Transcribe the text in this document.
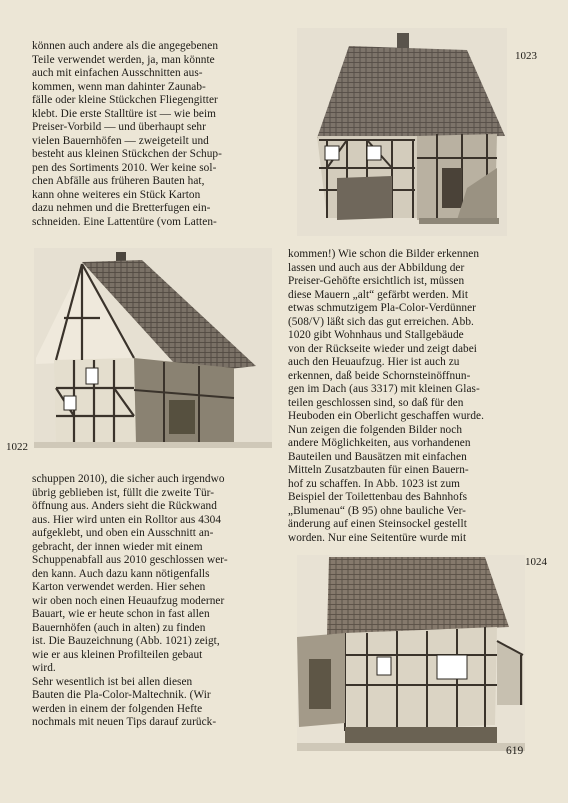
können auch andere als die angegebenen
Teile verwendet werden, ja, man könnte
auch mit einfachen Ausschnitten aus-
kommen, wenn man dahinter Zaunab-
fälle oder kleine Stückchen Fliegengitter
klebt. Die erste Stalltüre ist — wie beim
Preiser-Vorbild — und überhaupt sehr
vielen Bauernhöfen — zweigeteilt und
besteht aus kleinen Stückchen der Schup-
pen des Sortiments 2010. Wer keine sol-
chen Abfälle aus früheren Bauten hat,
kann ohne weiteres ein Stück Karton
dazu nehmen und die Bretterfugen ein-
schneiden. Eine Lattentüre (vom Latten-

kommen!) Wie schon die Bilder erkennen
lassen und auch aus der Abbildung der
Preiser-Gehöfte ersichtlich ist, müssen
diese Mauern „alt“ gefärbt werden. Mit
etwas schmutzigem Pla-Color-Verdünner
(508/V) läßt sich das gut erreichen. Abb.
1020 gibt Wohnhaus und Stallgebäude
von der Rückseite wieder und zeigt dabei
auch den Heuaufzug. Hier ist auch zu
erkennen, daß beide Schornsteinöffnun-
gen im Dach (aus 3317) mit kleinen Glas-
teilen geschlossen sind, so daß für den
Heuboden ein Oberlicht geschaffen wurde.
Nun zeigen die folgenden Bilder noch
andere Möglichkeiten, aus vorhandenen
Bauteilen und Bausätzen mit einfachen
Mitteln Zusatzbauten für einen Bauern-
hof zu schaffen. In Abb. 1023 ist zum
Beispiel der Toilettenbau des Bahnhofs
„Blumenau“ (B 95) ohne bauliche Ver-
änderung auf einen Steinsockel gestellt
worden. Nur eine Seitentüre wurde mit

schuppen 2010), die sicher auch irgendwo
übrig geblieben ist, füllt die zweite Tür-
öffnung aus. Anders sieht die Rückwand
aus. Hier wird unten ein Rolltor aus 4304
aufgeklebt, und oben ein Ausschnitt an-
gebracht, der innen wieder mit einem
Schuppenabfall aus 2010 geschlossen wer-
den kann. Auch dazu kann nötigenfalls
Karton verwendet werden. Hier sehen
wir oben noch einen Heuaufzug moderner
Bauart, wie er heute schon in fast allen
Bauernhöfen (auch in alten) zu finden
ist. Die Bauzeichnung (Abb. 1021) zeigt,
wie er aus kleinen Profilteilen gebaut
wird.
Sehr wesentlich ist bei allen diesen
Bauten die Pla-Color-Maltechnik. (Wir
werden in einem der folgenden Hefte
nochmals mit neuen Tips darauf zurück-

1023

1022

1024

619
